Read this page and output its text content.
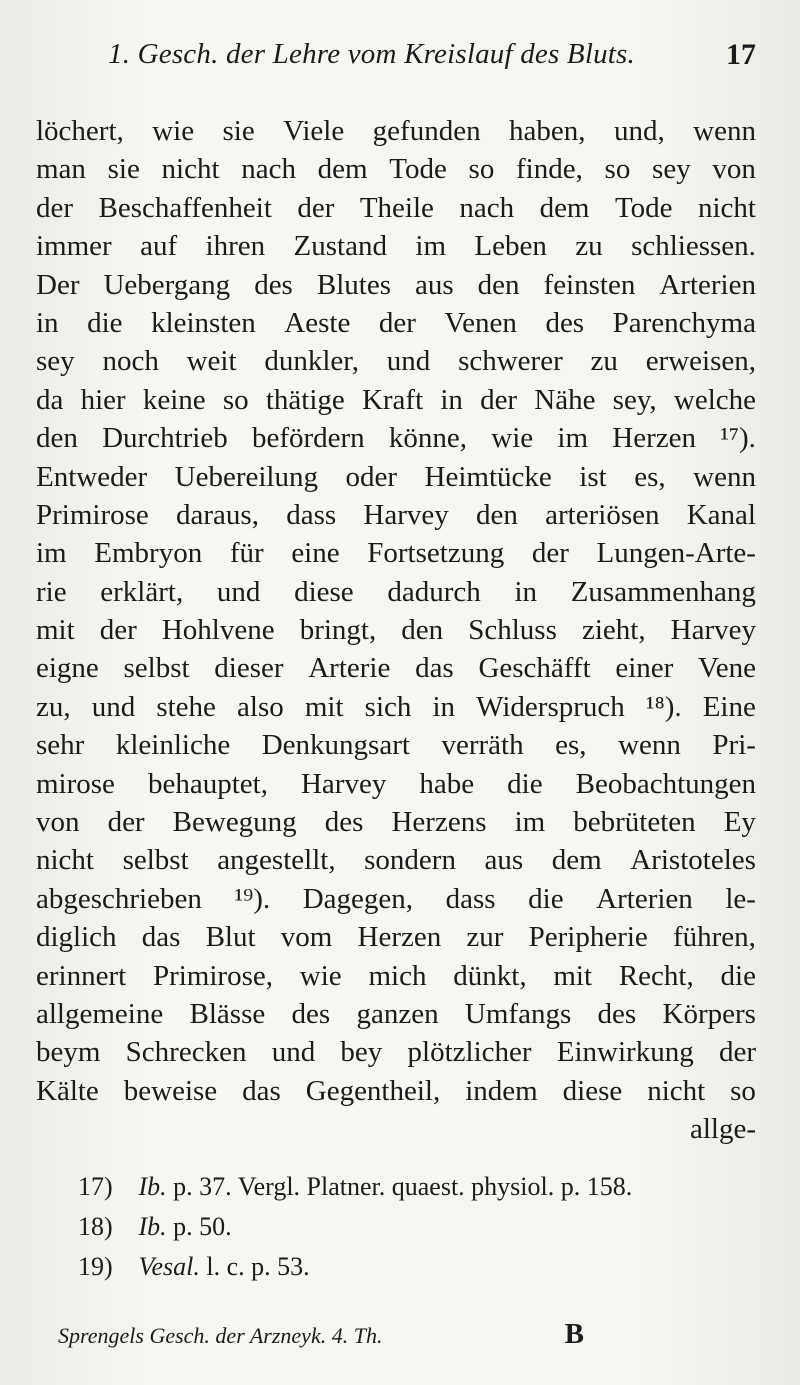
1. Gesch. der Lehre vom Kreislauf des Bluts.	17
löchert, wie sie Viele gefunden haben, und, wenn
man sie nicht nach dem Tode so finde, so sey von
der Beschaffenheit der Theile nach dem Tode nicht
immer auf ihren Zustand im Leben zu schliessen.
Der Uebergang des Blutes aus den feinsten Arterien
in die kleinsten Aeste der Venen des Parenchyma
sey noch weit dunkler, und schwerer zu erweisen,
da hier keine so thätige Kraft in der Nähe sey, welche
den Durchtrieb befördern könne, wie im Herzen ¹⁷).
Entweder Uebereilung oder Heimtücke ist es, wenn
Primirose daraus, dass Harvey den arteriösen Kanal
im Embryon für eine Fortsetzung der Lungen-Arte-
rie erklärt, und diese dadurch in Zusammenhang
mit der Hohlvene bringt, den Schluss zieht, Harvey
eigne selbst dieser Arterie das Geschäfft einer Vene
zu, und stehe also mit sich in Widerspruch ¹⁸). Eine
sehr kleinliche Denkungsart verräth es, wenn Pri-
mirose behauptet, Harvey habe die Beobachtungen
von der Bewegung des Herzens im bebrüteten Ey
nicht selbst angestellt, sondern aus dem Aristoteles
abgeschrieben ¹⁹). Dagegen, dass die Arterien le-
diglich das Blut vom Herzen zur Peripherie führen,
erinnert Primirose, wie mich dünkt, mit Recht, die
allgemeine Blässe des ganzen Umfangs des Körpers
beym Schrecken und bey plötzlicher Einwirkung der
Kälte beweise das Gegentheil, indem diese nicht so
allge-
17) Ib. p. 37. Vergl. Platner. quaest. physiol. p. 158.
18) Ib. p. 50.
19) Vesal. l. c. p. 53.
Sprengels Gesch. der Arzneyk. 4. Th.	B
